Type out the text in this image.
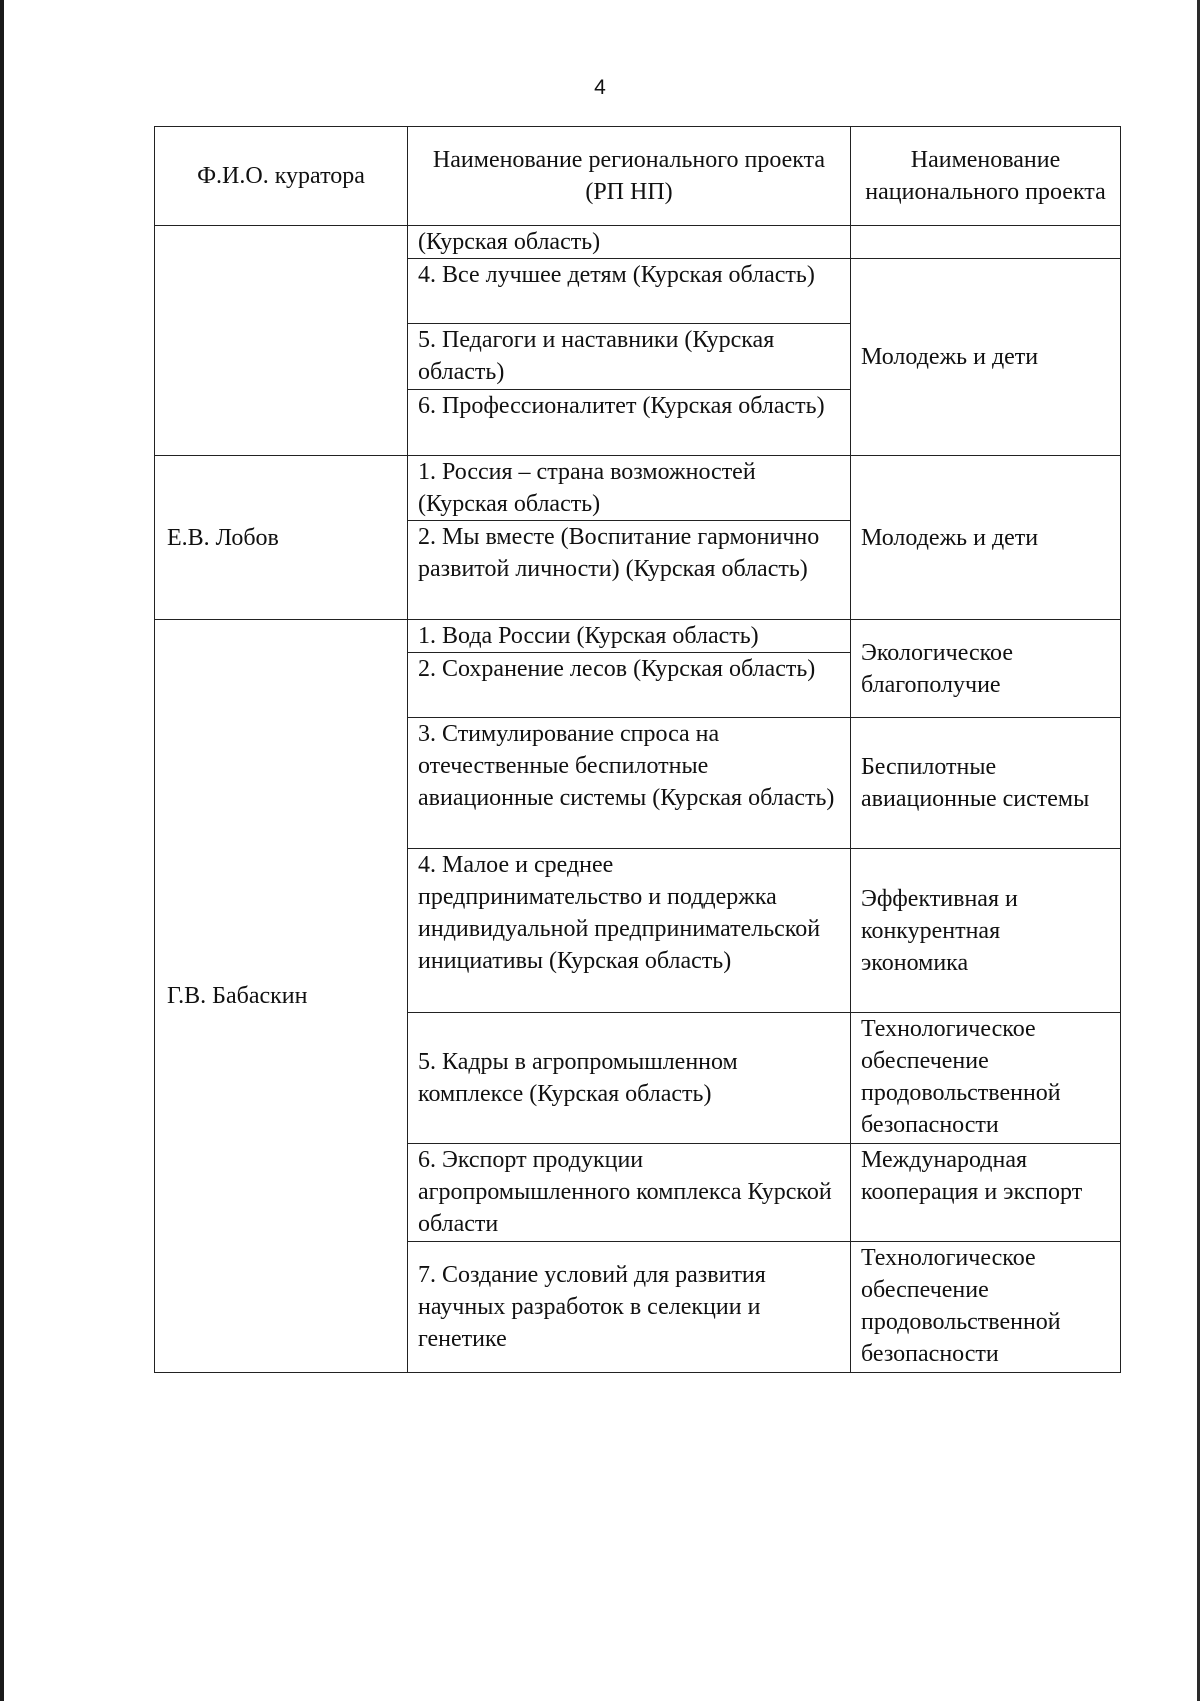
4
Ф.И.О. куратора	Наименование регионального проекта (РП НП)	Наименование национального проекта
	(Курская область)	
	4. Все лучшее детям (Курская область)	Молодежь и дети
	5. Педагоги и наставники (Курская область)	
	6. Профессионалитет (Курская область)	
Е.В. Лобов	1. Россия – страна возможностей (Курская область)	Молодежь и дети
	2. Мы вместе (Воспитание гармонично развитой личности) (Курская область)	
Г.В. Бабаскин	1. Вода России (Курская область)	Экологическое благополучие
	2. Сохранение лесов (Курская область)	
	3. Стимулирование спроса на отечественные беспилотные авиационные системы (Курская область)	Беспилотные авиационные системы
	4. Малое и среднее предпринимательство и поддержка индивидуальной предпринимательской инициативы (Курская область)	Эффективная и конкурентная экономика
	5. Кадры в агропромышленном комплексе (Курская область)	Технологическое обеспечение продовольственной безопасности
	6. Экспорт продукции агропромышленного комплекса Курской области	Международная кооперация и экспорт
	7. Создание условий для развития научных разработок в селекции и генетике	Технологическое обеспечение продовольственной безопасности
